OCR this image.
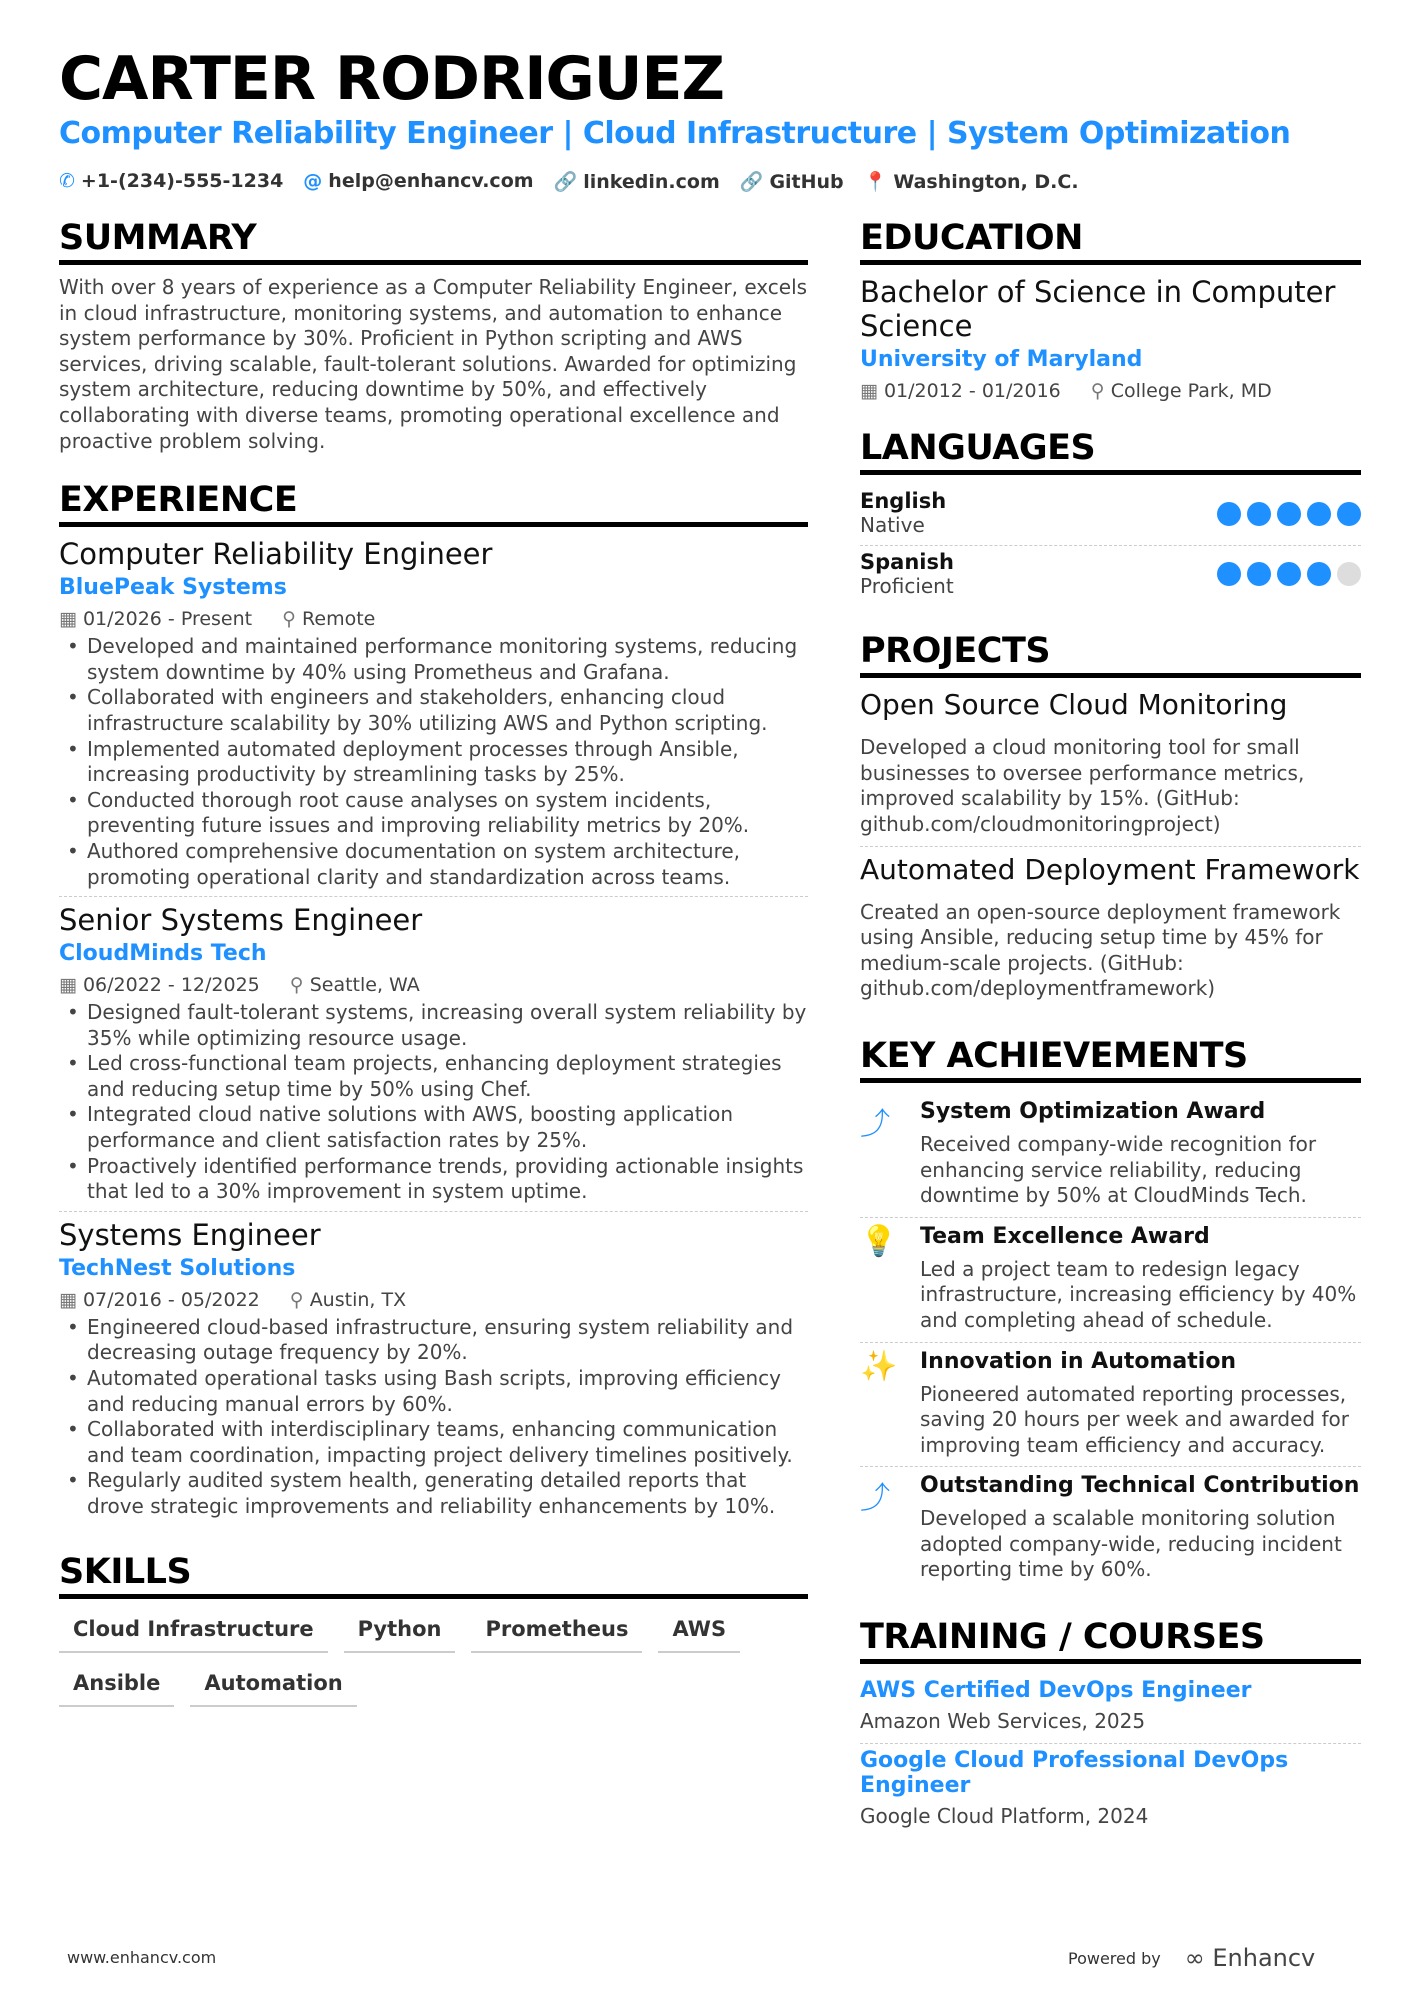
CARTER RODRIGUEZ
Computer Reliability Engineer | Cloud Infrastructure | System Optimization
✆ +1-(234)-555-1234 @ help@enhancv.com 🔗 linkedin.com 🔗 GitHub 📍 Washington, D.C.
SUMMARY

With over 8 years of experience as a Computer Reliability Engineer, excels in cloud infrastructure, monitoring systems, and automation to enhance system performance by 30%. Proficient in Python scripting and AWS services, driving scalable, fault-tolerant solutions. Awarded for optimizing system architecture, reducing downtime by 50%, and effectively collaborating with diverse teams, promoting operational excellence and proactive problem solving.

EXPERIENCE
Computer Reliability Engineer
BluePeak Systems
▦ 01/2026 - Present ⚲ Remote
• Developed and maintained performance monitoring systems, reducing system downtime by 40% using Prometheus and Grafana.
• Collaborated with engineers and stakeholders, enhancing cloud infrastructure scalability by 30% utilizing AWS and Python scripting.
• Implemented automated deployment processes through Ansible, increasing productivity by streamlining tasks by 25%.
• Conducted thorough root cause analyses on system incidents, preventing future issues and improving reliability metrics by 20%.
• Authored comprehensive documentation on system architecture, promoting operational clarity and standardization across teams.
Senior Systems Engineer
CloudMinds Tech
▦ 06/2022 - 12/2025 ⚲ Seattle, WA
• Designed fault-tolerant systems, increasing overall system reliability by 35% while optimizing resource usage.
• Led cross-functional team projects, enhancing deployment strategies and reducing setup time by 50% using Chef.
• Integrated cloud native solutions with AWS, boosting application performance and client satisfaction rates by 25%.
• Proactively identified performance trends, providing actionable insights that led to a 30% improvement in system uptime.
Systems Engineer
TechNest Solutions
▦ 07/2016 - 05/2022 ⚲ Austin, TX
• Engineered cloud-based infrastructure, ensuring system reliability and decreasing outage frequency by 20%.
• Automated operational tasks using Bash scripts, improving efficiency and reducing manual errors by 60%.
• Collaborated with interdisciplinary teams, enhancing communication and team coordination, impacting project delivery timelines positively.
• Regularly audited system health, generating detailed reports that drove strategic improvements and reliability enhancements by 10%.
SKILLS
Cloud Infrastructure	Python	Prometheus	AWS
Ansible	Automation
EDUCATION
Bachelor of Science in Computer Science
University of Maryland
▦ 01/2012 - 01/2016 ⚲ College Park, MD
LANGUAGES
English
Native
Spanish
Proficient
PROJECTS
Open Source Cloud Monitoring
Developed a cloud monitoring tool for small businesses to oversee performance metrics, improved scalability by 15%. (GitHub: github.com/cloudmonitoringproject)
Automated Deployment Framework
Created an open-source deployment framework using Ansible, reducing setup time by 45% for medium-scale projects. (GitHub: github.com/deploymentframework)
KEY ACHIEVEMENTS
⤴	System Optimization Award
Received company-wide recognition for enhancing service reliability, reducing downtime by 50% at CloudMinds Tech.
💡	Team Excellence Award
Led a project team to redesign legacy infrastructure, increasing efficiency by 40% and completing ahead of schedule.
✨	Innovation in Automation
Pioneered automated reporting processes, saving 20 hours per week and awarded for improving team efficiency and accuracy.
⤴	Outstanding Technical Contribution
Developed a scalable monitoring solution adopted company-wide, reducing incident reporting time by 60%.
TRAINING / COURSES
AWS Certified DevOps Engineer
Amazon Web Services, 2025
Google Cloud Professional DevOps Engineer
Google Cloud Platform, 2024
www.enhancv.com	Powered by ∞ Enhancv
